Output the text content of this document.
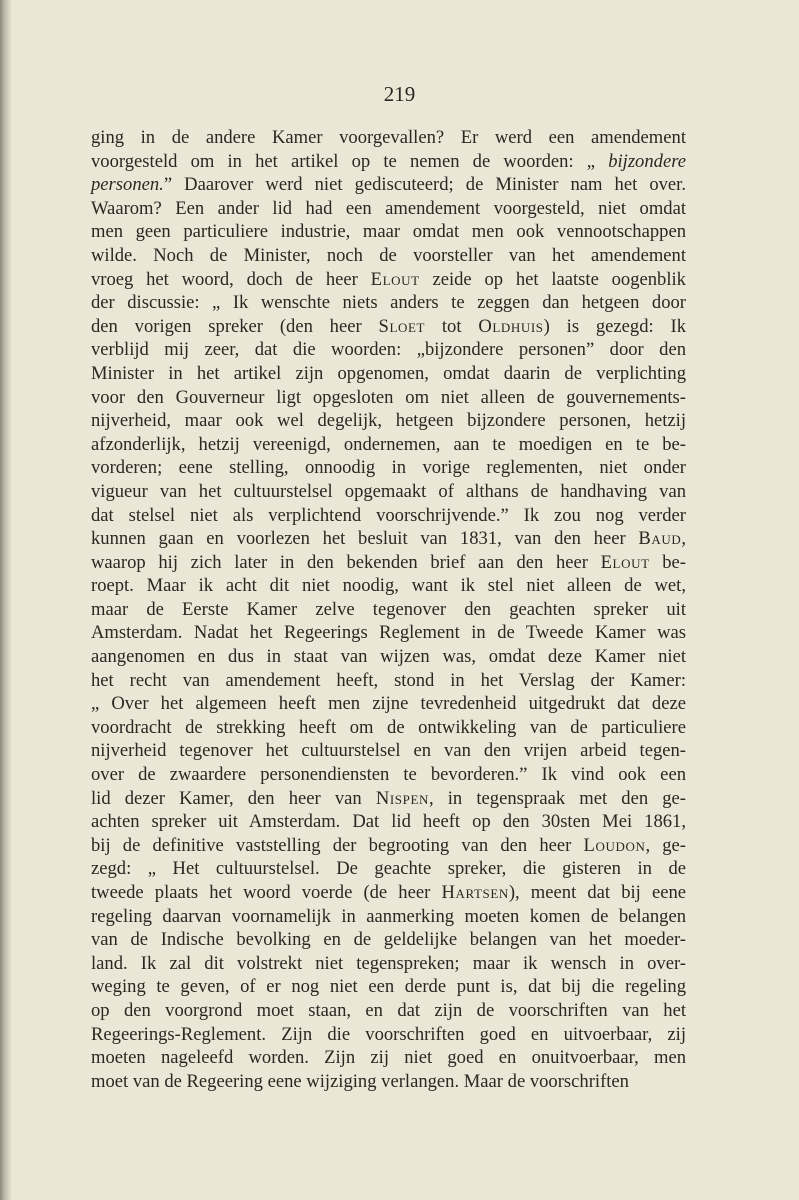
219
ging in de andere Kamer voorgevallen? Er werd een amendement
voorgesteld om in het artikel op te nemen de woorden: „ bijzondere
personen.” Daarover werd niet gediscuteerd; de Minister nam het over.
Waarom? Een ander lid had een amendement voorgesteld, niet omdat
men geen particuliere industrie, maar omdat men ook vennootschappen
wilde. Noch de Minister, noch de voorsteller van het amendement
vroeg het woord, doch de heer Elout zeide op het laatste oogenblik
der discussie: „ Ik wenschte niets anders te zeggen dan hetgeen door
den vorigen spreker (den heer Sloet tot Oldhuis) is gezegd: Ik
verblijd mij zeer, dat die woorden: „bijzondere personen” door den
Minister in het artikel zijn opgenomen, omdat daarin de verplichting
voor den Gouverneur ligt opgesloten om niet alleen de gouvernements-
nijverheid, maar ook wel degelijk, hetgeen bijzondere personen, hetzij
afzonderlijk, hetzij vereenigd, ondernemen, aan te moedigen en te be-
vorderen; eene stelling, onnoodig in vorige reglementen, niet onder
vigueur van het cultuurstelsel opgemaakt of althans de handhaving van
dat stelsel niet als verplichtend voorschrijvende.” Ik zou nog verder
kunnen gaan en voorlezen het besluit van 1831, van den heer Baud,
waarop hij zich later in den bekenden brief aan den heer Elout be-
roept. Maar ik acht dit niet noodig, want ik stel niet alleen de wet,
maar de Eerste Kamer zelve tegenover den geachten spreker uit
Amsterdam. Nadat het Regeerings Reglement in de Tweede Kamer was
aangenomen en dus in staat van wijzen was, omdat deze Kamer niet
het recht van amendement heeft, stond in het Verslag der Kamer:
„ Over het algemeen heeft men zijne tevredenheid uitgedrukt dat deze
voordracht de strekking heeft om de ontwikkeling van de particuliere
nijverheid tegenover het cultuurstelsel en van den vrijen arbeid tegen-
over de zwaardere personendiensten te bevorderen.” Ik vind ook een
lid dezer Kamer, den heer van Nispen, in tegenspraak met den ge-
achten spreker uit Amsterdam. Dat lid heeft op den 30sten Mei 1861,
bij de definitive vaststelling der begrooting van den heer Loudon, ge-
zegd: „ Het cultuurstelsel. De geachte spreker, die gisteren in de
tweede plaats het woord voerde (de heer Hartsen), meent dat bij eene
regeling daarvan voornamelijk in aanmerking moeten komen de belangen
van de Indische bevolking en de geldelijke belangen van het moeder-
land. Ik zal dit volstrekt niet tegenspreken; maar ik wensch in over-
weging te geven, of er nog niet een derde punt is, dat bij die regeling
op den voorgrond moet staan, en dat zijn de voorschriften van het
Regeerings-Reglement. Zijn die voorschriften goed en uitvoerbaar, zij
moeten nageleefd worden. Zijn zij niet goed en onuitvoerbaar, men
moet van de Regeering eene wijziging verlangen. Maar de voorschriften
